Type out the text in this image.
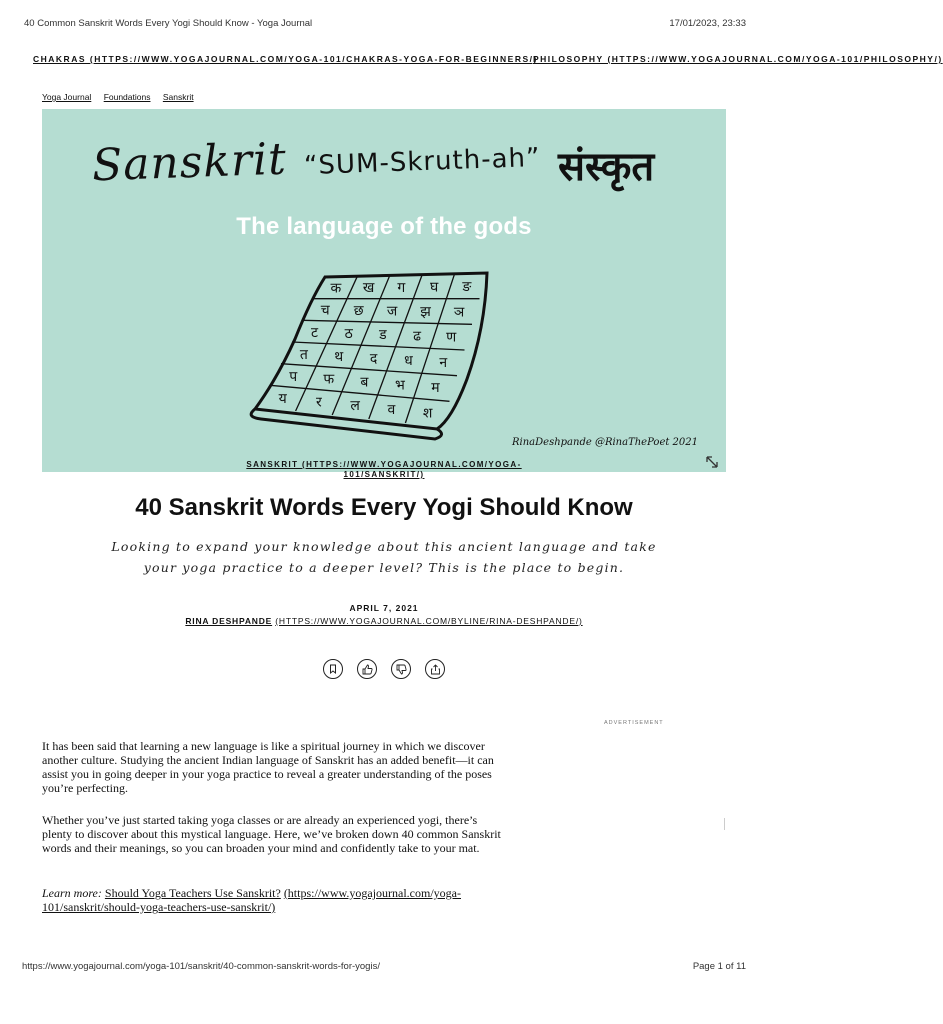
40 Common Sanskrit Words Every Yogi Should Know - Yoga Journal	17/01/2023, 23:33
CHAKRAS (HTTPS://WWW.YOGAJOURNAL.COM/YOGA-101/CHAKRAS-YOGA-FOR-BEGINNERS/)
PHILOSOPHY (HTTPS://WWW.YOGAJOURNAL.COM/YOGA-101/PHILOSOPHY/)
Yoga Journal Foundations Sanskrit
Sanskrit “SUM-Skruth-ah” संस्कृत
The language of the gods
क ख ग घ ङ
च छ ज झ ञ
ट ठ ड ढ ण
त थ द ध न
प फ ब भ म
य र ल व श
RinaDeshpande @RinaThePoet 2021
SANSKRIT (HTTPS://WWW.YOGAJOURNAL.COM/YOGA-101/SANSKRIT/)
40 Sanskrit Words Every Yogi Should Know
Looking to expand your knowledge about this ancient language and take your yoga practice to a deeper level? This is the place to begin.
APRIL 7, 2021
RINA DESHPANDE (HTTPS://WWW.YOGAJOURNAL.COM/BYLINE/RINA-DESHPANDE/)
ADVERTISEMENT
It has been said that learning a new language is like a spiritual journey in which we discover another culture. Studying the ancient Indian language of Sanskrit has an added benefit—it can assist you in going deeper in your yoga practice to reveal a greater understanding of the poses you’re perfecting.
Whether you’ve just started taking yoga classes or are already an experienced yogi, there’s plenty to discover about this mystical language. Here, we’ve broken down 40 common Sanskrit words and their meanings, so you can broaden your mind and confidently take to your mat.
Learn more: Should Yoga Teachers Use Sanskrit? (https://www.yogajournal.com/yoga-101/sanskrit/should-yoga-teachers-use-sanskrit/)
https://www.yogajournal.com/yoga-101/sanskrit/40-common-sanskrit-words-for-yogis/	Page 1 of 11
